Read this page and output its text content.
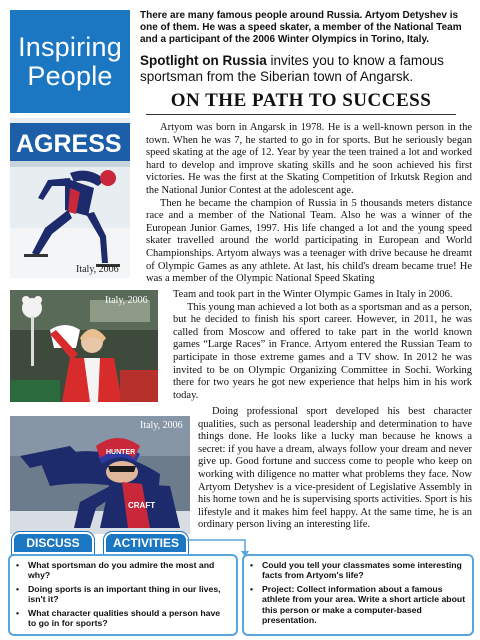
Inspiring
People
There are many famous people around Russia. Artyom Detyshev is one of them. He was a speed skater, a member of the National Team and a participant of the 2006 Winter Olympics in Torino, Italy.
Spotlight on Russia invites you to know a famous sportsman from the Siberian town of Angarsk.
ON THE PATH TO SUCCESS
AGRESS
Italy, 2006
Italy, 2006
HUNTER
CRAFT
Italy, 2006

Artyom was born in Angarsk in 1978. He is a well-known person in the town. When he was 7, he started to go in for sports. But he seriously began speed skating at the age of 12. Year by year the teen trained a lot and worked hard to develop and improve skating skills and he soon achieved his first victories. He was the first at the Skating Competition of Irkutsk Region and the National Junior Contest at the adolescent age.

Then he became the champion of Russia in 5 thousands meters distance race and a member of the National Team. Also he was a winner of the European Junior Games, 1997. His life changed a lot and the young speed skater travelled around the world participating in European and World Championships. Artyom always was a teenager with drive because he dreamt of Olympic Games as any athlete. At last, his child's dream became true! He was a member of the Olympic National Speed Skating

Team and took part in the Winter Olympic Games in Italy in 2006.

This young man achieved a lot both as a sportsman and as a person, but he decided to finish his sport career. However, in 2011, he was called from Moscow and offered to take part in the world known games “Large Races” in France. Artyom entered the Russian Team to participate in those extreme games and a TV show. In 2012 he was invited to be on Olympic Organizing Committee in Sochi. Working there for two years he got new experience that helps him in his work today.

Doing professional sport developed his best character qualities, such as personal leadership and determination to have things done. He looks like a lucky man because he knows a secret: if you have a dream, always follow your dream and never give up. Good fortune and success come to people who keep on working with diligence no matter what problems they face. Now Artyom Detyshev is a vice-president of Legislative Assembly in his home town and he is supervising sports activities. Sport is his lifestyle and it makes him feel happy. At the same time, he is an ordinary person living an interesting life.

DISCUSS	ACTIVITIES
• What sportsman do you admire the most and why?
• Doing sports is an important thing in our lives, isn't it?
• What character qualities should a person have to go in for sports?
• Could you tell your classmates some interesting facts from Artyom's life?
• Project: Collect information about a famous athlete from your area. Write a short article about this person or make a computer-based presentation.
